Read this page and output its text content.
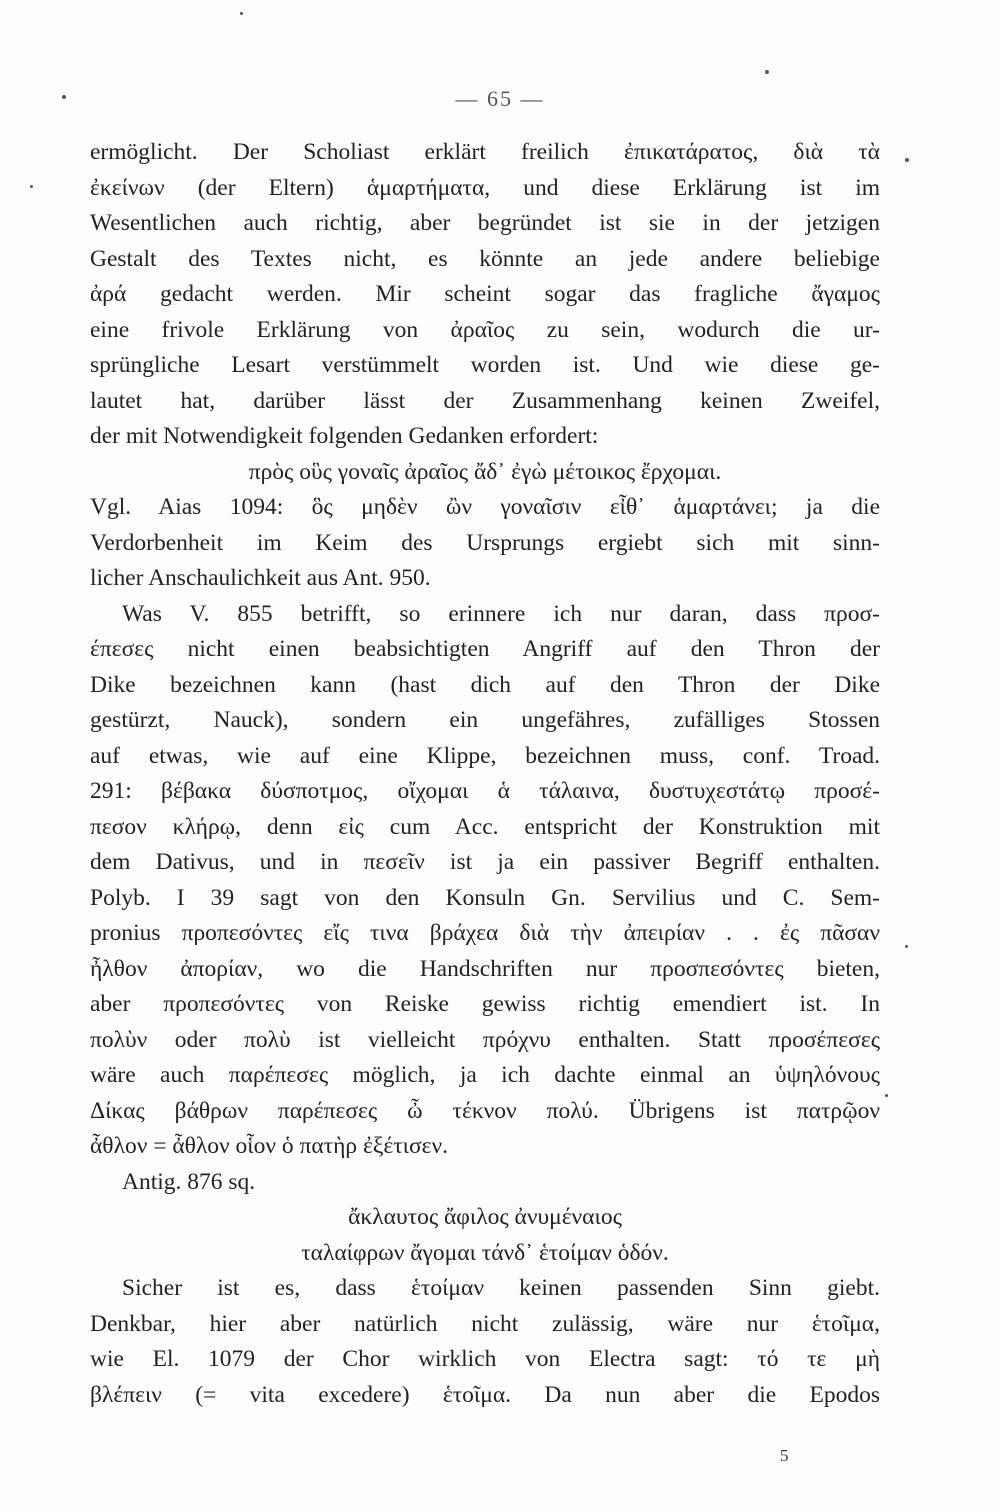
— 65 —
ermöglicht. Der Scholiast erklärt freilich ἐπικατάρατος, διὰ τὰ
ἐκείνων (der Eltern) ἁμαρτήματα, und diese Erklärung ist im
Wesentlichen auch richtig, aber begründet ist sie in der jetzigen
Gestalt des Textes nicht, es könnte an jede andere beliebige
ἀρά gedacht werden. Mir scheint sogar das fragliche ἄγαμος
eine frivole Erklärung von ἀραῖος zu sein, wodurch die ur-
sprüngliche Lesart verstümmelt worden ist. Und wie diese ge-
lautet hat, darüber lässt der Zusammenhang keinen Zweifel,
der mit Notwendigkeit folgenden Gedanken erfordert:
πρὸς οὓς γοναῖς ἀραῖος ἄδ᾿ ἐγὼ μέτοικος ἔρχομαι.
Vgl. Aias 1094: ὃς μηδὲν ὢν γοναῖσιν εἶθ᾿ ἁμαρτάνει; ja die
Verdorbenheit im Keim des Ursprungs ergiebt sich mit sinn-
licher Anschaulichkeit aus Ant. 950.
Was V. 855 betrifft, so erinnere ich nur daran, dass προσ-
έπεσες nicht einen beabsichtigten Angriff auf den Thron der
Dike bezeichnen kann (hast dich auf den Thron der Dike
gestürzt, Nauck), sondern ein ungefähres, zufälliges Stossen
auf etwas, wie auf eine Klippe, bezeichnen muss, conf. Troad.
291: βέβακα δύσποτμος, οἴχομαι ἁ τάλαινα, δυστυχεστάτῳ προσέ-
πεσον κλήρῳ, denn εἰς cum Acc. entspricht der Konstruktion mit
dem Dativus, und in πεσεῖν ist ja ein passiver Begriff enthalten.
Polyb. I 39 sagt von den Konsuln Gn. Servilius und C. Sem-
pronius προπεσόντες εἴς τινα βράχεα διὰ τὴν ἀπειρίαν . . ἐς πᾶσαν
ἦλθον ἀπορίαν, wo die Handschriften nur προσπεσόντες bieten,
aber προπεσόντες von Reiske gewiss richtig emendiert ist. In
πολὺν oder πολὺ ist vielleicht πρόχνυ enthalten. Statt προσέπεσες
wäre auch παρέπεσες möglich, ja ich dachte einmal an ὑψηλόνους
Δίκας βάθρων παρέπεσες ὦ τέκνον πολύ. Übrigens ist πατρῷον
ἆθλον = ἆθλον οἷον ὁ πατὴρ ἐξέτισεν.
Antig. 876 sq.
ἄκλαυτος ἄφιλος ἀνυμέναιος
ταλαίφρων ἄγομαι τάνδ᾿ ἑτοίμαν ὁδόν.
Sicher ist es, dass ἑτοίμαν keinen passenden Sinn giebt.
Denkbar, hier aber natürlich nicht zulässig, wäre nur ἑτοῖμα,
wie El. 1079 der Chor wirklich von Electra sagt: τό τε μὴ
βλέπειν (= vita excedere) ἑτοῖμα. Da nun aber die Epodos
5
